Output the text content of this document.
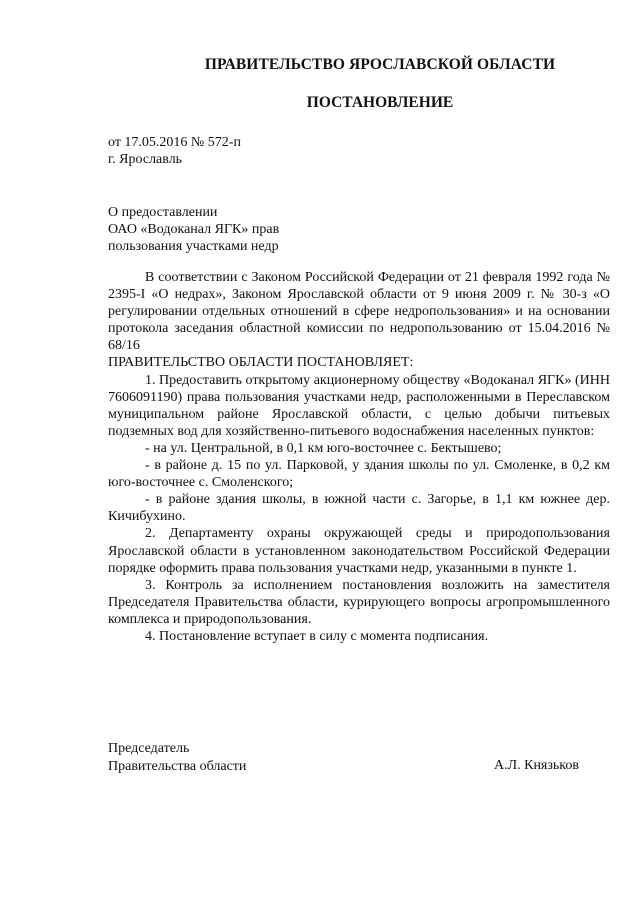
ПРАВИТЕЛЬСТВО ЯРОСЛАВСКОЙ ОБЛАСТИ
ПОСТАНОВЛЕНИЕ
от 17.05.2016 № 572-п
г. Ярославль
О предоставлении
ОАО «Водоканал ЯГК» прав
пользования участками недр

В соответствии с Законом Российской Федерации от 21 февраля 1992 года № 2395-I «О недрах», Законом Ярославской области от 9 июня 2009 г. № 30-з «О регулировании отдельных отношений в сфере недропользования» и на основании протокола заседания областной комиссии по недропользованию от 15.04.2016 № 68/16

ПРАВИТЕЛЬСТВО ОБЛАСТИ ПОСТАНОВЛЯЕТ:

1. Предоставить открытому акционерному обществу «Водоканал ЯГК» (ИНН 7606091190) права пользования участками недр, расположенными в Переславском муниципальном районе Ярославской области, с целью добычи питьевых подземных вод для хозяйственно-питьевого водоснабжения населенных пунктов:

- на ул. Центральной, в 0,1 км юго-восточнее с. Бектышево;

- в районе д. 15 по ул. Парковой, у здания школы по ул. Смоленке, в 0,2 км юго-восточнее с. Смоленского;

- в районе здания школы, в южной части с. Загорье, в 1,1 км южнее дер. Кичибухино.

2. Департаменту охраны окружающей среды и природопользования Ярославской области в установленном законодательством Российской Федерации порядке оформить права пользования участками недр, указанными в пункте 1.

3. Контроль за исполнением постановления возложить на заместителя Председателя Правительства области, курирующего вопросы агропромышленного комплекса и природопользования.

4. Постановление вступает в силу с момента подписания.

Председатель
Правительства области	А.Л. Князьков
